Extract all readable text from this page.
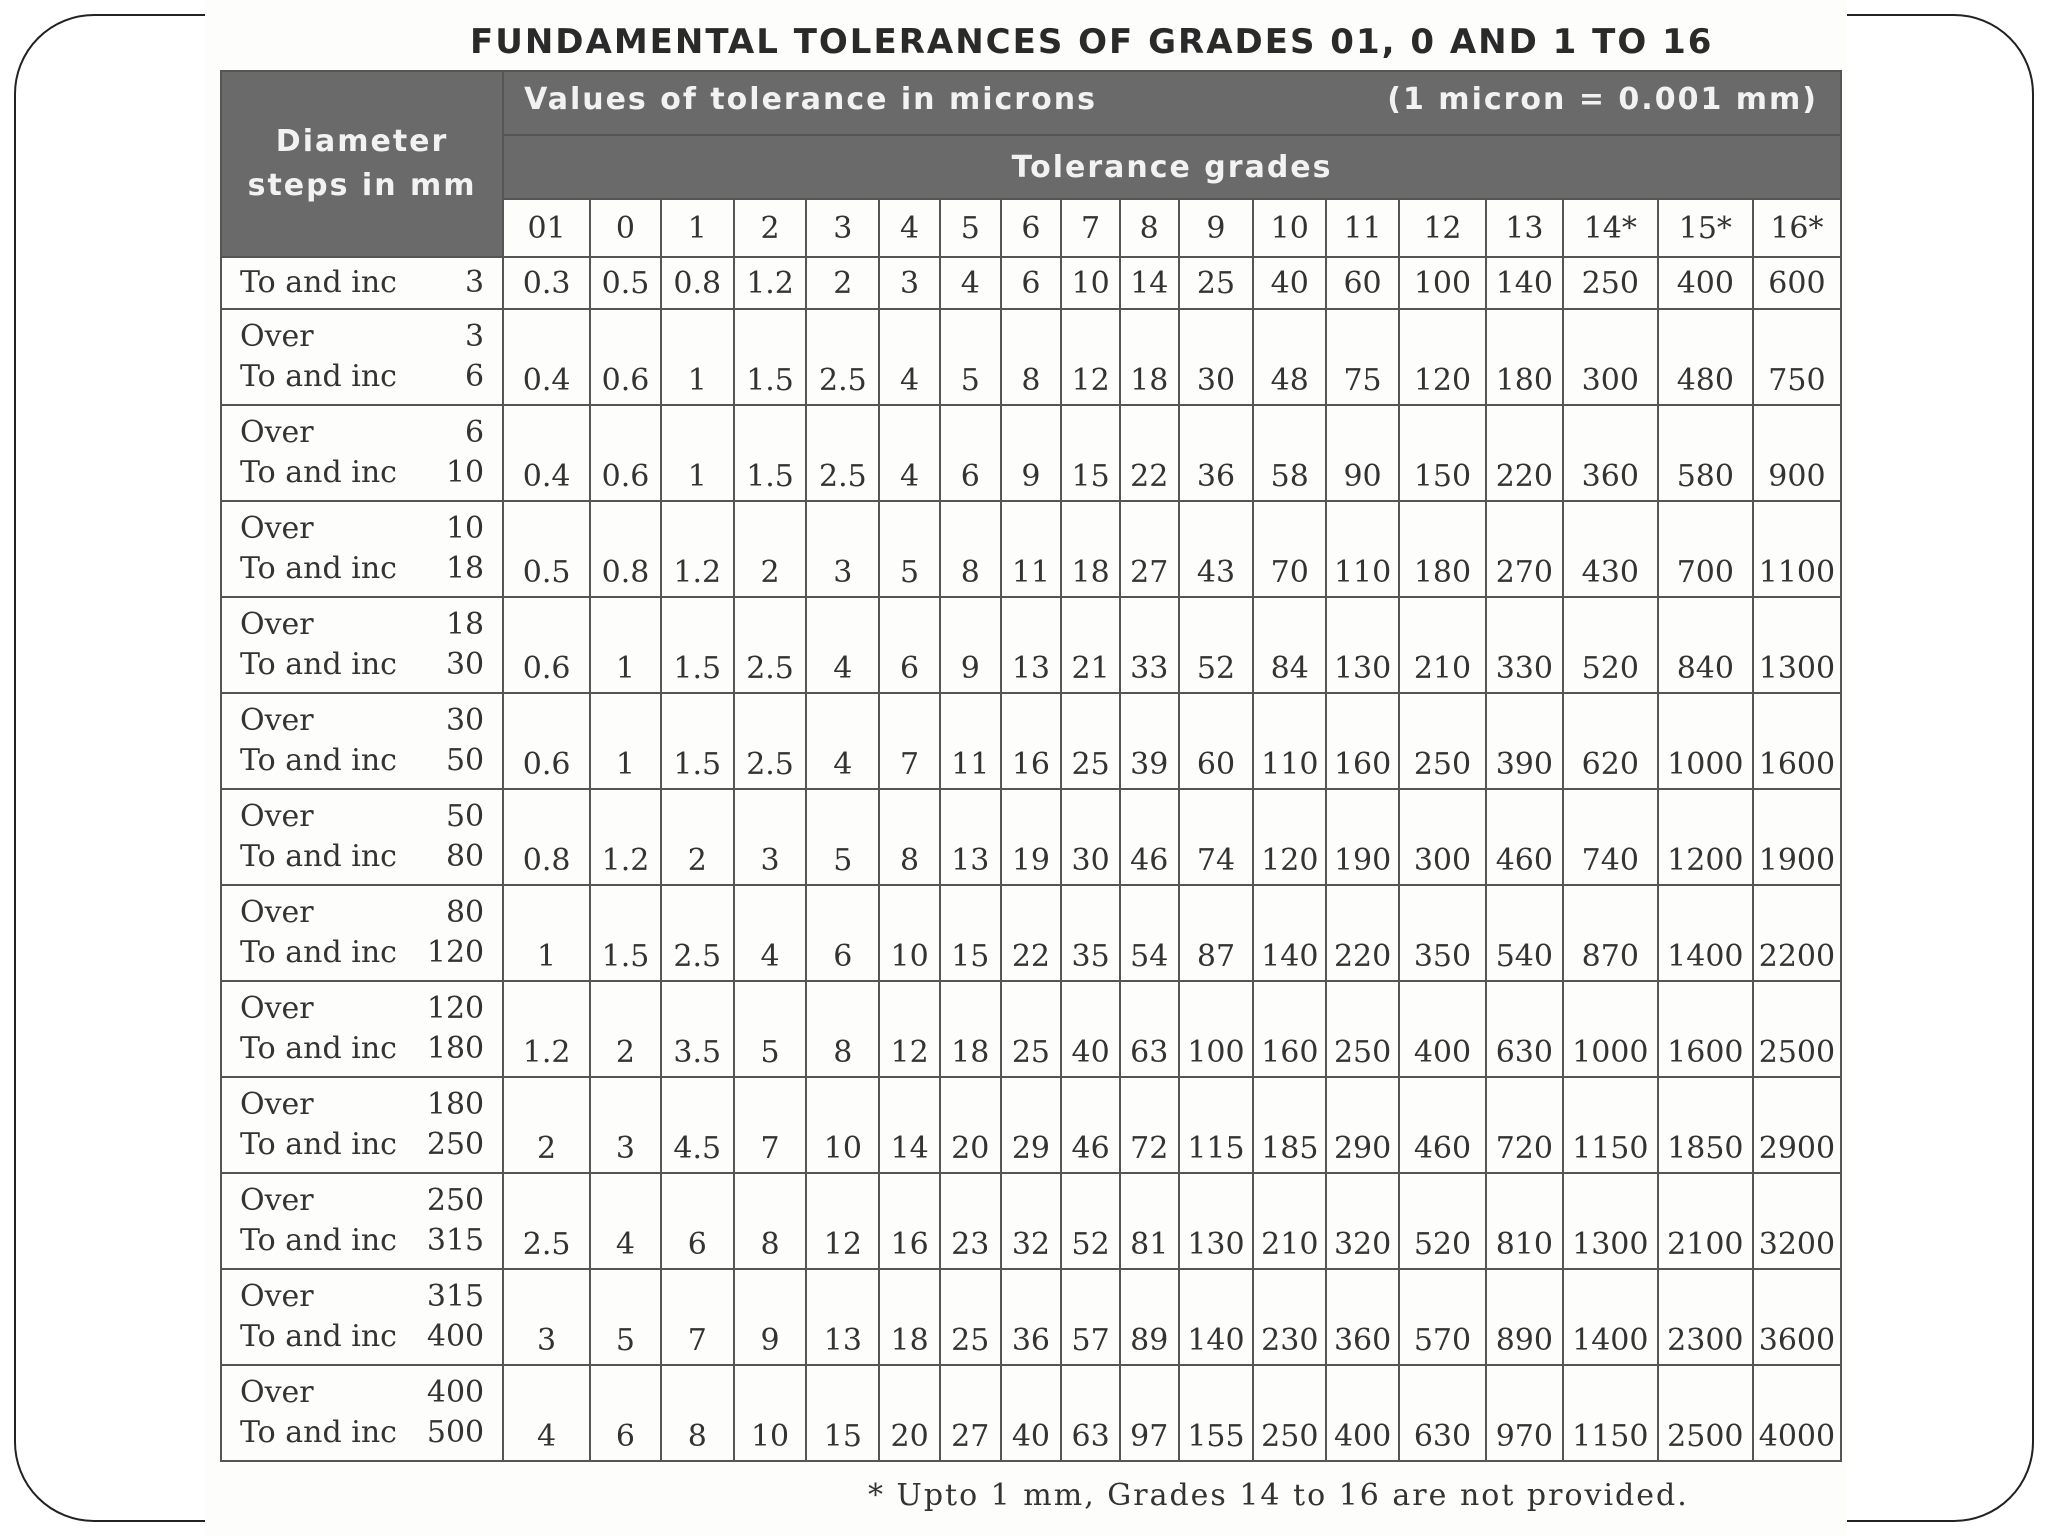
FUNDAMENTAL TOLERANCES OF GRADES 01, 0 AND 1 TO 16
Diameter steps in mm	Values of tolerance in microns (1 micron = 0.001 mm)																	

	Tolerance grades																	
	01	0	1	2	3	4	5	6	7	8	9	10	11	12	13	14*	15*	16*

To and inc 3	0.3	0.5	0.8	1.2	2	3	4	6	10	14	25	40	60	100	140	250	400	600

Over 3
To and inc 6	0.4	0.6	1	1.5	2.5	4	5	8	12	18	30	48	75	120	180	300	480	750

Over 6
To and inc 10	0.4	0.6	1	1.5	2.5	4	6	9	15	22	36	58	90	150	220	360	580	900

Over 10
To and inc 18	0.5	0.8	1.2	2	3	5	8	11	18	27	43	70	110	180	270	430	700	1100

Over 18
To and inc 30	0.6	1	1.5	2.5	4	6	9	13	21	33	52	84	130	210	330	520	840	1300

Over 30
To and inc 50	0.6	1	1.5	2.5	4	7	11	16	25	39	60	110	160	250	390	620	1000	1600

Over 50
To and inc 80	0.8	1.2	2	3	5	8	13	19	30	46	74	120	190	300	460	740	1200	1900

Over 80
To and inc 120	1	1.5	2.5	4	6	10	15	22	35	54	87	140	220	350	540	870	1400	2200

Over 120
To and inc 180	1.2	2	3.5	5	8	12	18	25	40	63	100	160	250	400	630	1000	1600	2500

Over 180
To and inc 250	2	3	4.5	7	10	14	20	29	46	72	115	185	290	460	720	1150	1850	2900

Over 250
To and inc 315	2.5	4	6	8	12	16	23	32	52	81	130	210	320	520	810	1300	2100	3200

Over 315
To and inc 400	3	5	7	9	13	18	25	36	57	89	140	230	360	570	890	1400	2300	3600

Over 400
To and inc 500	4	6	8	10	15	20	27	40	63	97	155	250	400	630	970	1150	2500	4000
* Upto 1 mm, Grades 14 to 16 are not provided.
